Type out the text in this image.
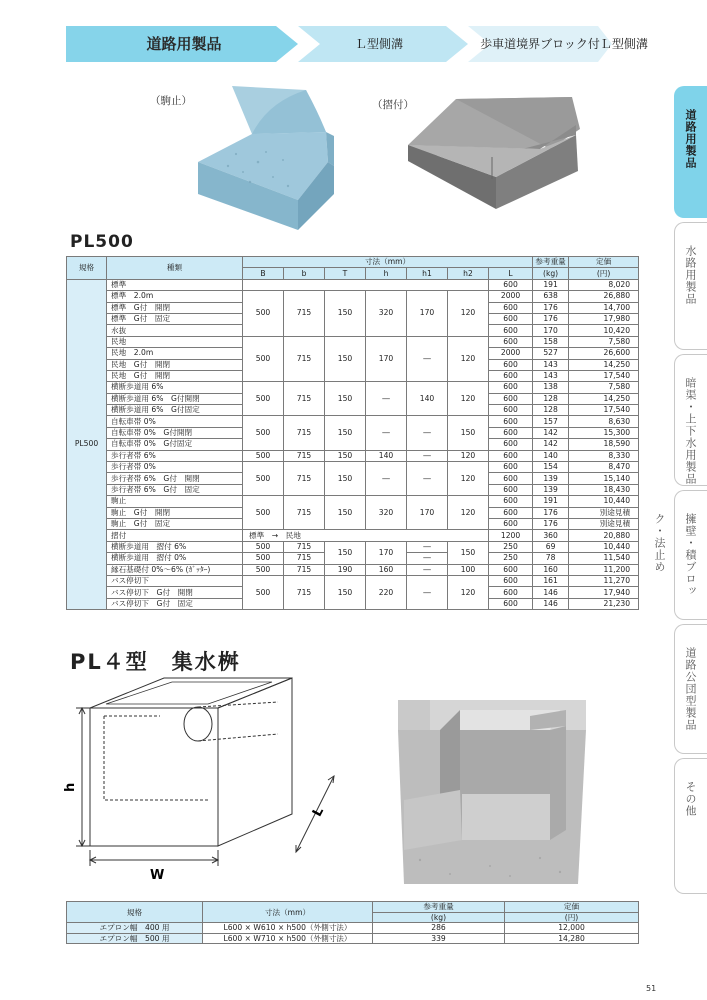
道路用製品	Ｌ型側溝	歩車道境界ブロック付Ｌ型側溝
道路用製品
水路用製品
暗渠・上下水用製品
擁壁・積ブロック・法止め
道路公団型製品
その他
（駒止）	（摺付）
PL500
規格	種類	寸法（mm）							参考重量	定価
		B	b	T	h	h1	h2	L	(kg)	(円)
PL500	標準							600	191	8,020
	標準　2.0m	500	715	150	320	170	120	2000	638	26,880
	標準　G付　開閉							600	176	14,700
	標準　G付　固定							600	176	17,980
	水抜							600	170	10,420
	民地	500	715	150	170	―	120	600	158	7,580
	民地　2.0m							2000	527	26,600
	民地　G付　開閉							600	143	14,250
	民地　G付　開閉							600	143	17,540
	横断歩道用 6%	500	715	150	―	140	120	600	138	7,580
	横断歩道用 6%　G付開閉							600	128	14,250
	横断歩道用 6%　G付固定							600	128	17,540
	自転車帯 0%	500	715	150	―	―	150	600	157	8,630
	自転車帯 0%　G付開閉							600	142	15,300
	自転車帯 0%　G付固定							600	142	18,590
	歩行者帯 6%	500	715	150	140	―	120	600	140	8,330
	歩行者帯 0%	500	715	150	―	―	120	600	154	8,470
	歩行者帯 6%　G付　開閉							600	139	15,140
	歩行者帯 6%　G付　固定							600	139	18,430
	駒止	500	715	150	320	170	120	600	191	10,440
	駒止　G付　開閉							600	176	別途見積
	駒止　G付　固定							600	176	別途見積
	摺付	標準　→　民地						1200	360	20,880
	横断歩道用　摺付 6%	500	715	150	170	―	150	250	69	10,440
	横断歩道用　摺付 0%	500	715			―		250	78	11,540
	縁石基礎付 0%～6% (ｶﾞｯﾀｰ)	500	715	190	160	―	100	600	160	11,200
	バス停切下	500	715	150	220	―	120	600	161	11,270
	バス停切下　G付　開閉							600	146	17,940
	バス停切下　G付　固定							600	146	21,230
PL４型　集水桝
h
W
L
規格	寸法（mm）	参考重量	定価
		(kg)	(円)
エプロン幅　400 用	L600 × W610 × h500（外側寸法）	286	12,000
エプロン幅　500 用	L600 × W710 × h500（外側寸法）	339	14,280
51
